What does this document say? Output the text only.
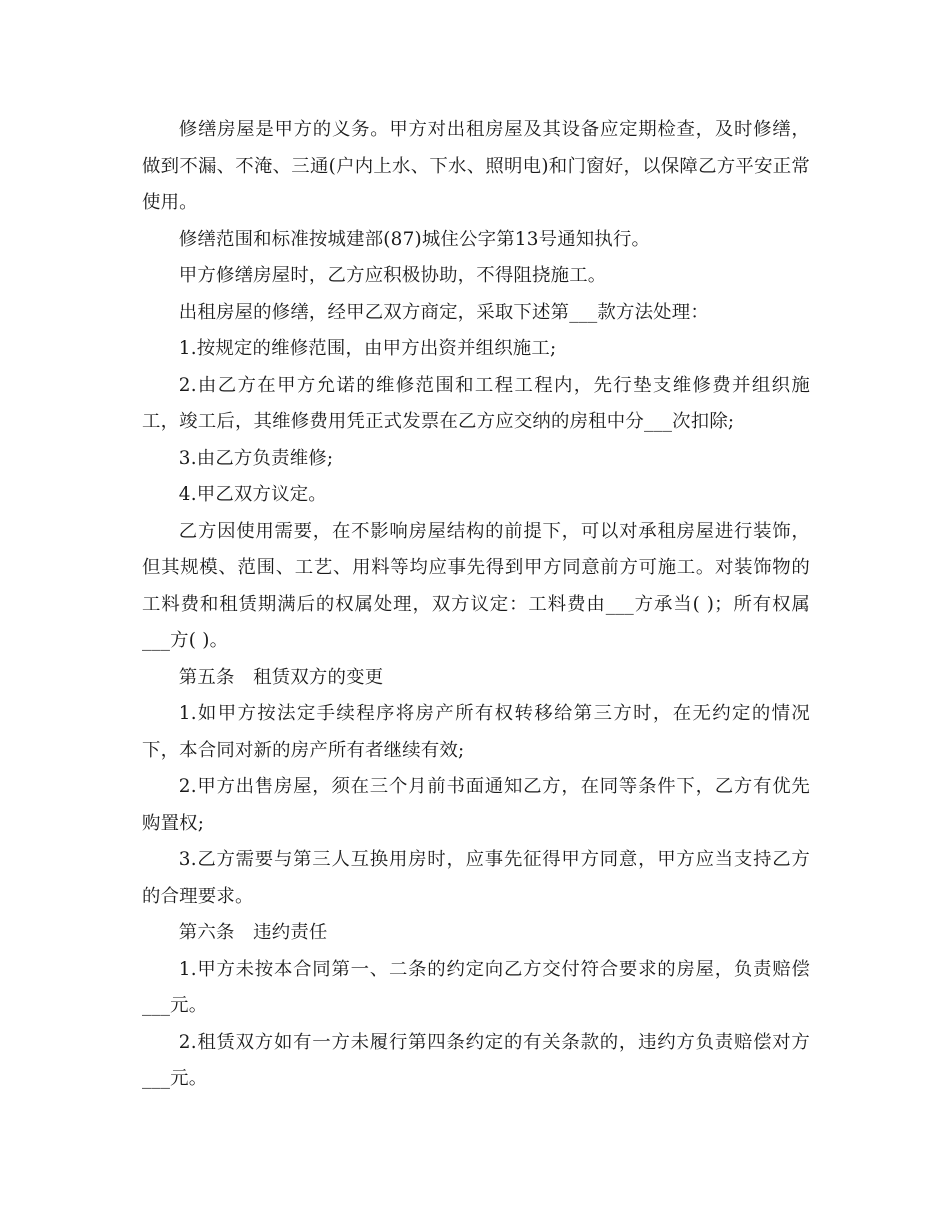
修缮房屋是甲方的义务。甲方对出租房屋及其设备应定期检查，及时修缮，做到不漏、不淹、三通(户内上水、下水、照明电)和门窗好，以保障乙方平安正常使用。

修缮范围和标准按城建部(87)城住公字第13号通知执行。

甲方修缮房屋时，乙方应积极协助，不得阻挠施工。

出租房屋的修缮，经甲乙双方商定，采取下述第___款方法处理：

1.按规定的维修范围，由甲方出资并组织施工;

2.由乙方在甲方允诺的维修范围和工程工程内，先行垫支维修费并组织施工，竣工后，其维修费用凭正式发票在乙方应交纳的房租中分___次扣除;

3.由乙方负责维修;

4.甲乙双方议定。

乙方因使用需要，在不影响房屋结构的前提下，可以对承租房屋进行装饰，但其规模、范围、工艺、用料等均应事先得到甲方同意前方可施工。对装饰物的工料费和租赁期满后的权属处理，双方议定：工料费由___方承当( )；所有权属___方( )。

第五条　租赁双方的变更

1.如甲方按法定手续程序将房产所有权转移给第三方时，在无约定的情况下，本合同对新的房产所有者继续有效;

2.甲方出售房屋，须在三个月前书面通知乙方，在同等条件下，乙方有优先购置权;

3.乙方需要与第三人互换用房时，应事先征得甲方同意，甲方应当支持乙方的合理要求。

第六条　违约责任

1.甲方未按本合同第一、二条的约定向乙方交付符合要求的房屋，负责赔偿___元。

2.租赁双方如有一方未履行第四条约定的有关条款的，违约方负责赔偿对方___元。
